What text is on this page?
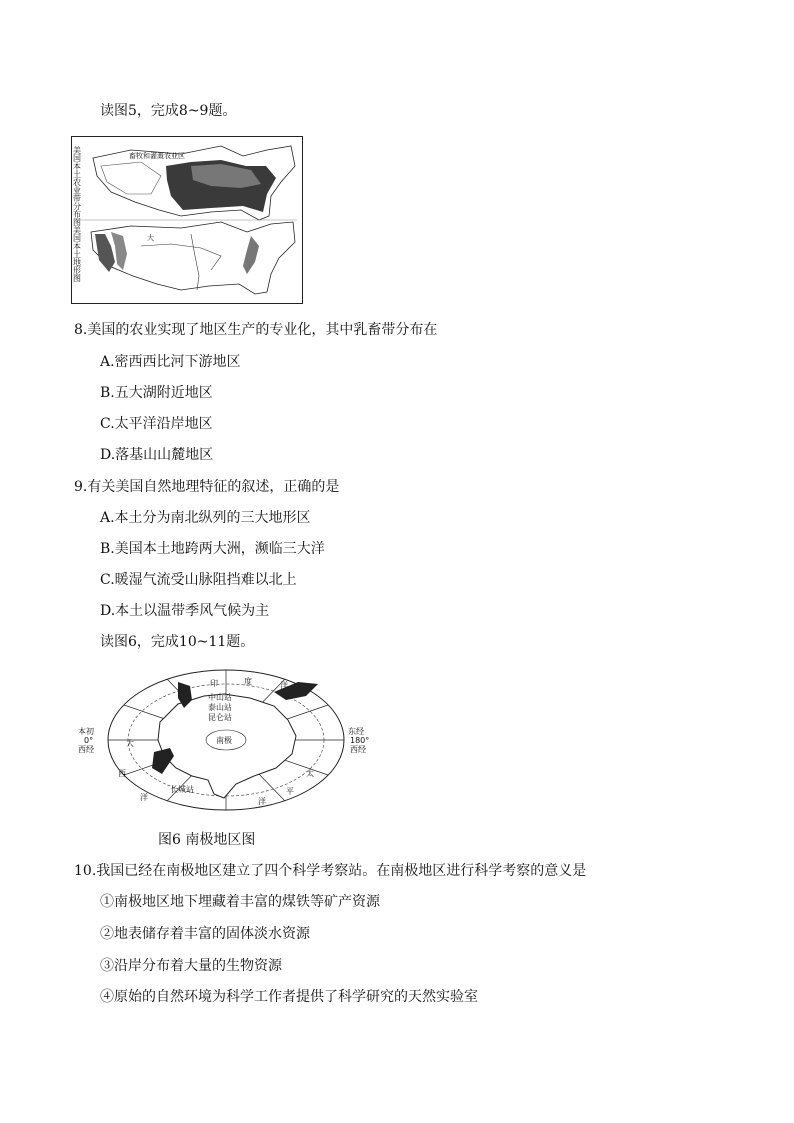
读图5，完成8~9题。
美国本土农业带分布图
美国本土地形图
畜牧和灌溉农业区
大
8.美国的农业实现了地区生产的专业化，其中乳畜带分布在
A.密西西比河下游地区
B.五大湖附近地区
C.太平洋沿岸地区
D.落基山山麓地区
9.有关美国自然地理特征的叙述，正确的是
A.本土分为南北纵列的三大地形区
B.美国本土地跨两大洲，濒临三大洋
C.暖湿气流受山脉阻挡难以北上
D.本土以温带季风气候为主
读图6，完成10~11题。
南极
中山站
泰山站
昆仑站
长城站
印	度	洋
大
西
洋
太
平
洋
本初
0°
西经
东经
180°
西经
图6 南极地区图
10.我国已经在南极地区建立了四个科学考察站。在南极地区进行科学考察的意义是
①南极地区地下埋藏着丰富的煤铁等矿产资源
②地表储存着丰富的固体淡水资源
③沿岸分布着大量的生物资源
④原始的自然环境为科学工作者提供了科学研究的天然实验室
